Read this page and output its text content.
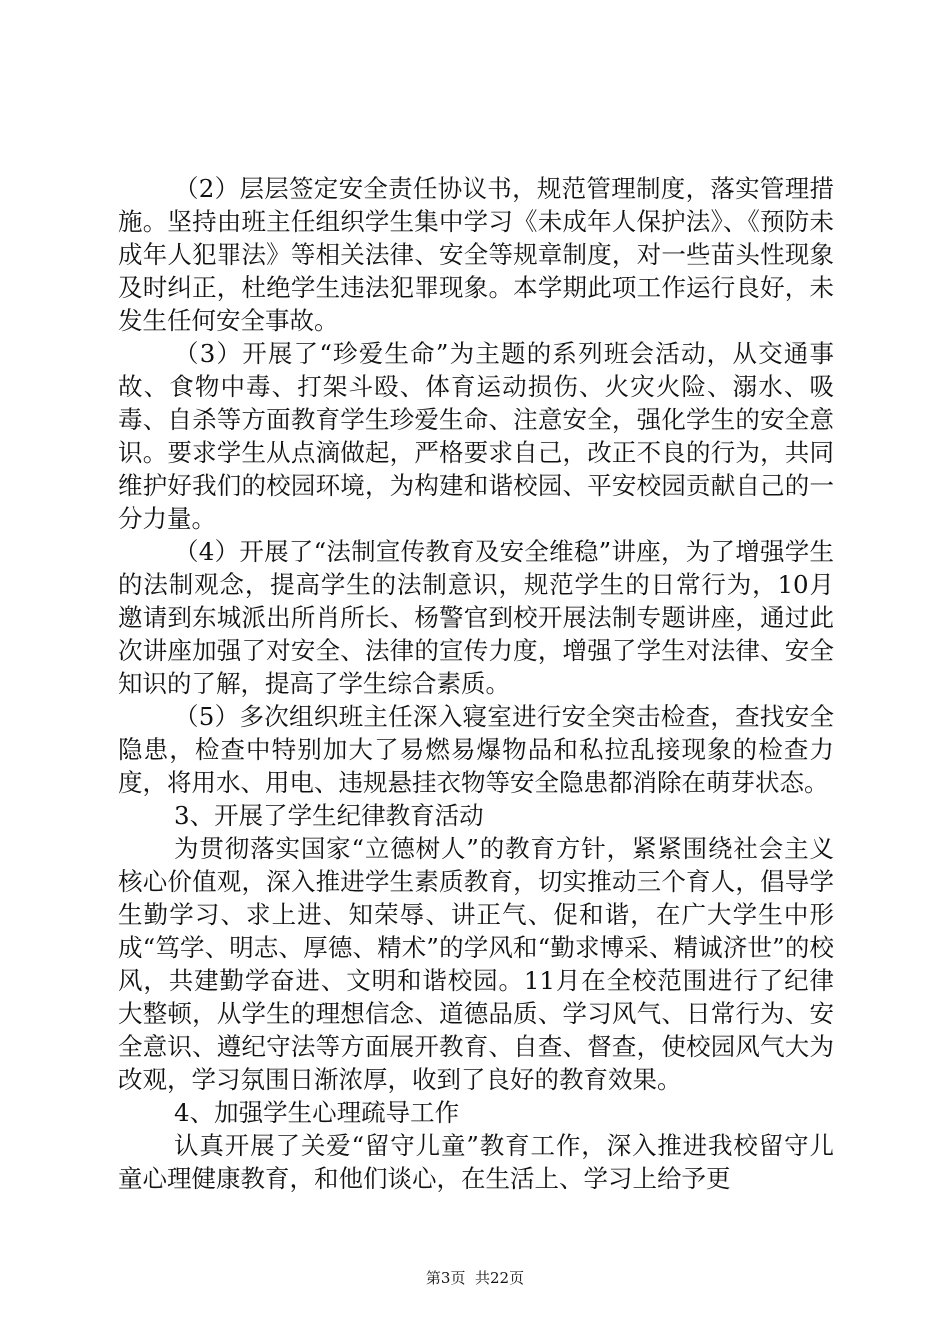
（2）层层签定安全责任协议书，规范管理制度，落实管理措施。坚持由班主任组织学生集中学习《未成年人保护法》、《预防未成年人犯罪法》等相关法律、安全等规章制度，对一些苗头性现象及时纠正，杜绝学生违法犯罪现象。本学期此项工作运行良好，未发生任何安全事故。

（3）开展了“珍爱生命”为主题的系列班会活动，从交通事故、食物中毒、打架斗殴、体育运动损伤、火灾火险、溺水、吸毒、自杀等方面教育学生珍爱生命、注意安全，强化学生的安全意识。要求学生从点滴做起，严格要求自己，改正不良的行为，共同维护好我们的校园环境，为构建和谐校园、平安校园贡献自己的一分力量。

（4）开展了“法制宣传教育及安全维稳”讲座，为了增强学生的法制观念，提高学生的法制意识，规范学生的日常行为，10月邀请到东城派出所肖所长、杨警官到校开展法制专题讲座，通过此次讲座加强了对安全、法律的宣传力度，增强了学生对法律、安全知识的了解，提高了学生综合素质。

（5）多次组织班主任深入寝室进行安全突击检查，查找安全隐患，检查中特别加大了易燃易爆物品和私拉乱接现象的检查力度，将用水、用电、违规悬挂衣物等安全隐患都消除在萌芽状态。

3、开展了学生纪律教育活动

为贯彻落实国家“立德树人”的教育方针，紧紧围绕社会主义核心价值观，深入推进学生素质教育，切实推动三个育人，倡导学生勤学习、求上进、知荣辱、讲正气、促和谐，在广大学生中形成“笃学、明志、厚德、精术”的学风和“勤求博采、精诚济世”的校风，共建勤学奋进、文明和谐校园。11月在全校范围进行了纪律大整顿，从学生的理想信念、道德品质、学习风气、日常行为、安全意识、遵纪守法等方面展开教育、自查、督查，使校园风气大为改观，学习氛围日渐浓厚，收到了良好的教育效果。

4、加强学生心理疏导工作

认真开展了关爱“留守儿童”教育工作，深入推进我校留守儿童心理健康教育，和他们谈心，在生活上、学习上给予更

第3页  共22页
